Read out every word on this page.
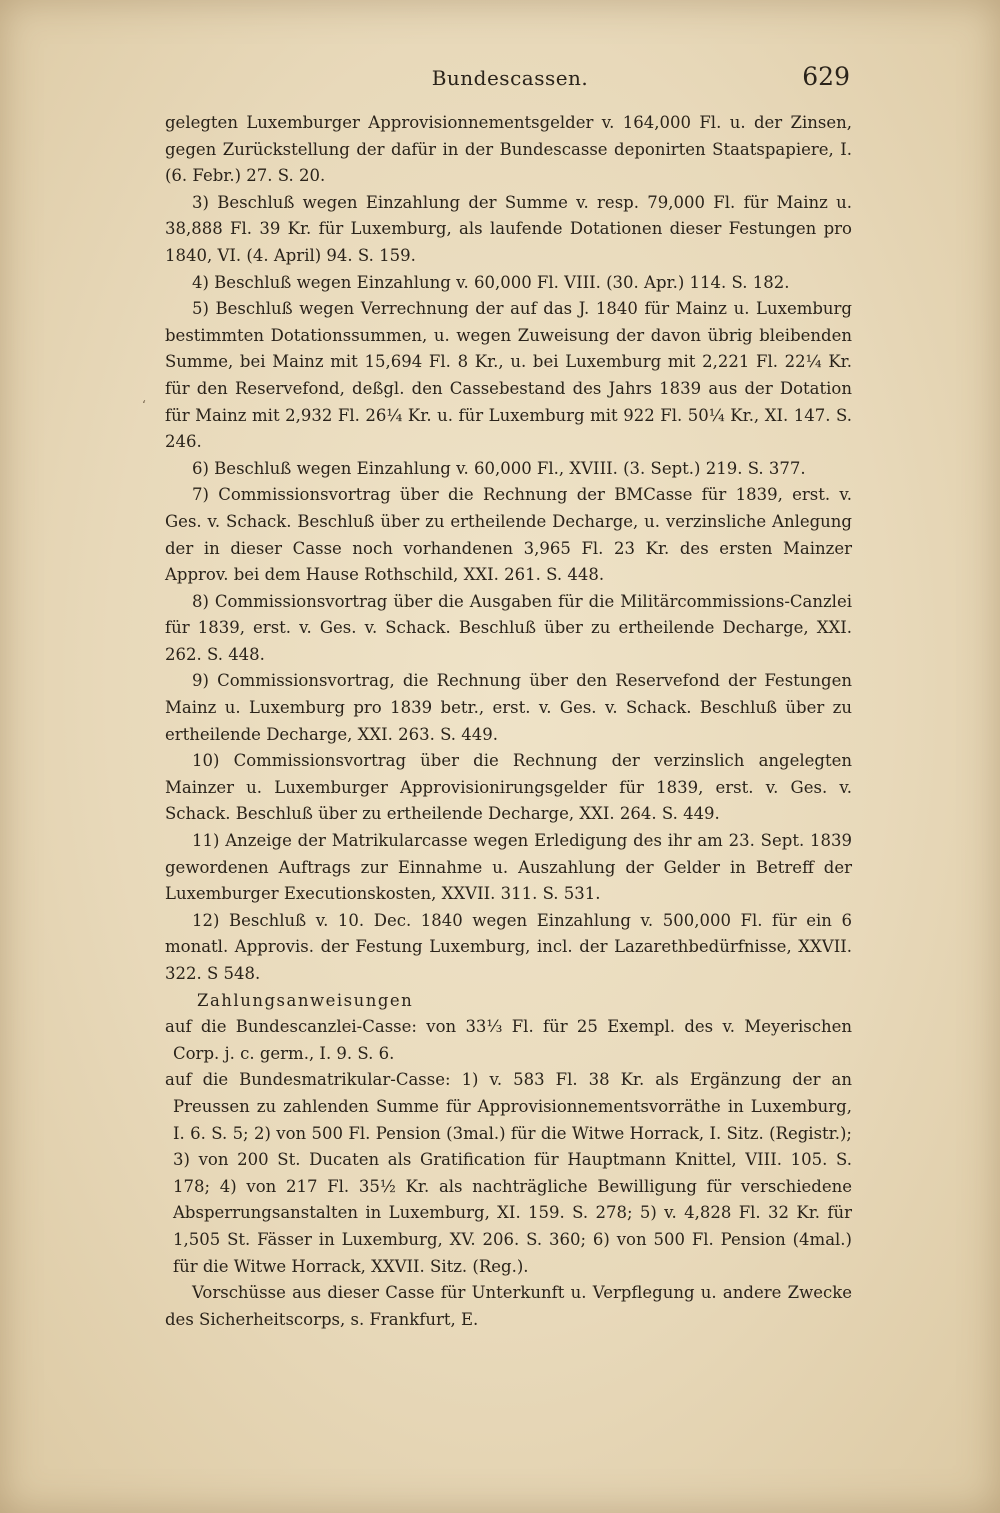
Bundescassen.	629
‘

gelegten Luxemburger Approvisionnementsgelder v. 164,000 Fl. u. der Zinsen, gegen Zurückstellung der dafür in der Bundescasse deponirten Staatspapiere, I. (6. Febr.) 27. S. 20.

3) Beschluß wegen Einzahlung der Summe v. resp. 79,000 Fl. für Mainz u. 38,888 Fl. 39 Kr. für Luxemburg, als laufende Dotationen dieser Festungen pro 1840, VI. (4. April) 94. S. 159.

4) Beschluß wegen Einzahlung v. 60,000 Fl. VIII. (30. Apr.) 114. S. 182.

5) Beschluß wegen Verrechnung der auf das J. 1840 für Mainz u. Luxemburg bestimmten Dotationssummen, u. wegen Zuweisung der davon übrig bleibenden Summe, bei Mainz mit 15,694 Fl. 8 Kr., u. bei Luxemburg mit 2,221 Fl. 22¼ Kr. für den Reservefond, deßgl. den Cassebestand des Jahrs 1839 aus der Dotation für Mainz mit 2,932 Fl. 26¼ Kr. u. für Luxemburg mit 922 Fl. 50¼ Kr., XI. 147. S. 246.

6) Beschluß wegen Einzahlung v. 60,000 Fl., XVIII. (3. Sept.) 219. S. 377.

7) Commissionsvortrag über die Rechnung der BMCasse für 1839, erst. v. Ges. v. Schack. Beschluß über zu ertheilende Decharge, u. verzinsliche Anlegung der in dieser Casse noch vorhandenen 3,965 Fl. 23 Kr. des ersten Mainzer Approv. bei dem Hause Rothschild, XXI. 261. S. 448.

8) Commissionsvortrag über die Ausgaben für die Militärcommissions-Canzlei für 1839, erst. v. Ges. v. Schack. Beschluß über zu ertheilende Decharge, XXI. 262. S. 448.

9) Commissionsvortrag, die Rechnung über den Reservefond der Festungen Mainz u. Luxemburg pro 1839 betr., erst. v. Ges. v. Schack. Beschluß über zu ertheilende Decharge, XXI. 263. S. 449.

10) Commissionsvortrag über die Rechnung der verzinslich angelegten Mainzer u. Luxemburger Approvisionirungsgelder für 1839, erst. v. Ges. v. Schack. Beschluß über zu ertheilende Decharge, XXI. 264. S. 449.

11) Anzeige der Matrikularcasse wegen Erledigung des ihr am 23. Sept. 1839 gewordenen Auftrags zur Einnahme u. Auszahlung der Gelder in Betreff der Luxemburger Executionskosten, XXVII. 311. S. 531.

12) Beschluß v. 10. Dec. 1840 wegen Einzahlung v. 500,000 Fl. für ein 6 monatl. Approvis. der Festung Luxemburg, incl. der Lazarethbedürfnisse, XXVII. 322. S 548.

Zahlungsanweisungen

auf die Bundescanzlei-Casse: von 33⅓ Fl. für 25 Exempl. des v. Meyerischen Corp. j. c. germ., I. 9. S. 6.

auf die Bundesmatrikular-Casse: 1) v. 583 Fl. 38 Kr. als Ergänzung der an Preussen zu zahlenden Summe für Approvisionnementsvorräthe in Luxemburg, I. 6. S. 5; 2) von 500 Fl. Pension (3mal.) für die Witwe Horrack, I. Sitz. (Registr.); 3) von 200 St. Ducaten als Gratification für Hauptmann Knittel, VIII. 105. S. 178; 4) von 217 Fl. 35½ Kr. als nachträgliche Bewilligung für verschiedene Absperrungsanstalten in Luxemburg, XI. 159. S. 278; 5) v. 4,828 Fl. 32 Kr. für 1,505 St. Fässer in Luxemburg, XV. 206. S. 360; 6) von 500 Fl. Pension (4mal.) für die Witwe Horrack, XXVII. Sitz. (Reg.).

Vorschüsse aus dieser Casse für Unterkunft u. Verpflegung u. andere Zwecke des Sicherheitscorps, s. Frankfurt, E.
